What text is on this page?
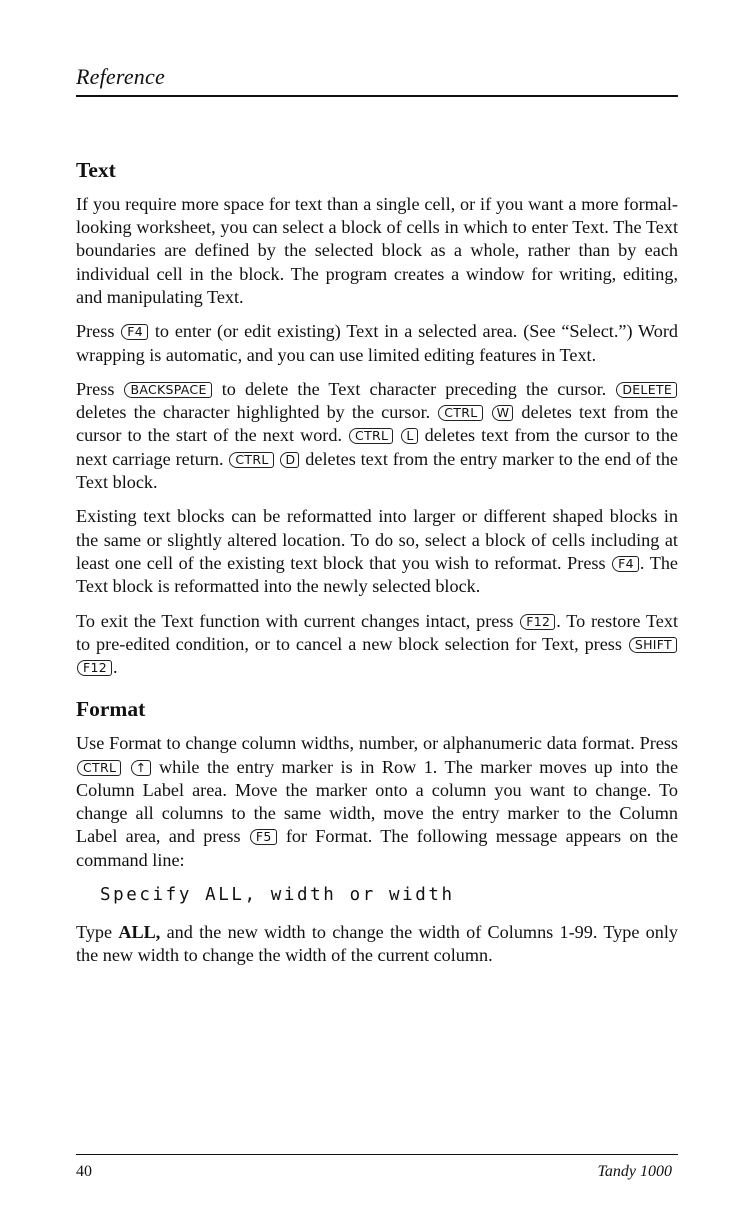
Reference
Text

If you require more space for text than a single cell, or if you want a more formal-looking worksheet, you can select a block of cells in which to enter Text. The Text boundaries are defined by the selected block as a whole, rather than by each individual cell in the block. The program creates a window for writing, editing, and manipulating Text.

Press F4 to enter (or edit existing) Text in a selected area. (See “Select.”) Word wrapping is automatic, and you can use limited editing features in Text.

Press BACKSPACE to delete the Text character preceding the cursor. DELETE deletes the character highlighted by the cursor. CTRL W deletes text from the cursor to the start of the next word. CTRL L deletes text from the cursor to the next carriage return. CTRL D deletes text from the entry marker to the end of the Text block.

Existing text blocks can be reformatted into larger or different shaped blocks in the same or slightly altered location. To do so, select a block of cells including at least one cell of the existing text block that you wish to reformat. Press F4 . The Text block is reformatted into the newly selected block.

To exit the Text function with current changes intact, press F12 . To restore Text to pre-edited condition, or to cancel a new block selection for Text, press SHIFT F12 .

Format

Use Format to change column widths, number, or alphanumeric data format. Press CTRL ↑ while the entry marker is in Row 1. The marker moves up into the Column Label area. Move the marker onto a column you want to change. To change all columns to the same width, move the entry marker to the Column Label area, and press F5 for Format. The following message appears on the command line:

Specify ALL, width or width

Type ALL, and the new width to change the width of Columns 1-99. Type only the new width to change the width of the current column.

40	Tandy 1000
